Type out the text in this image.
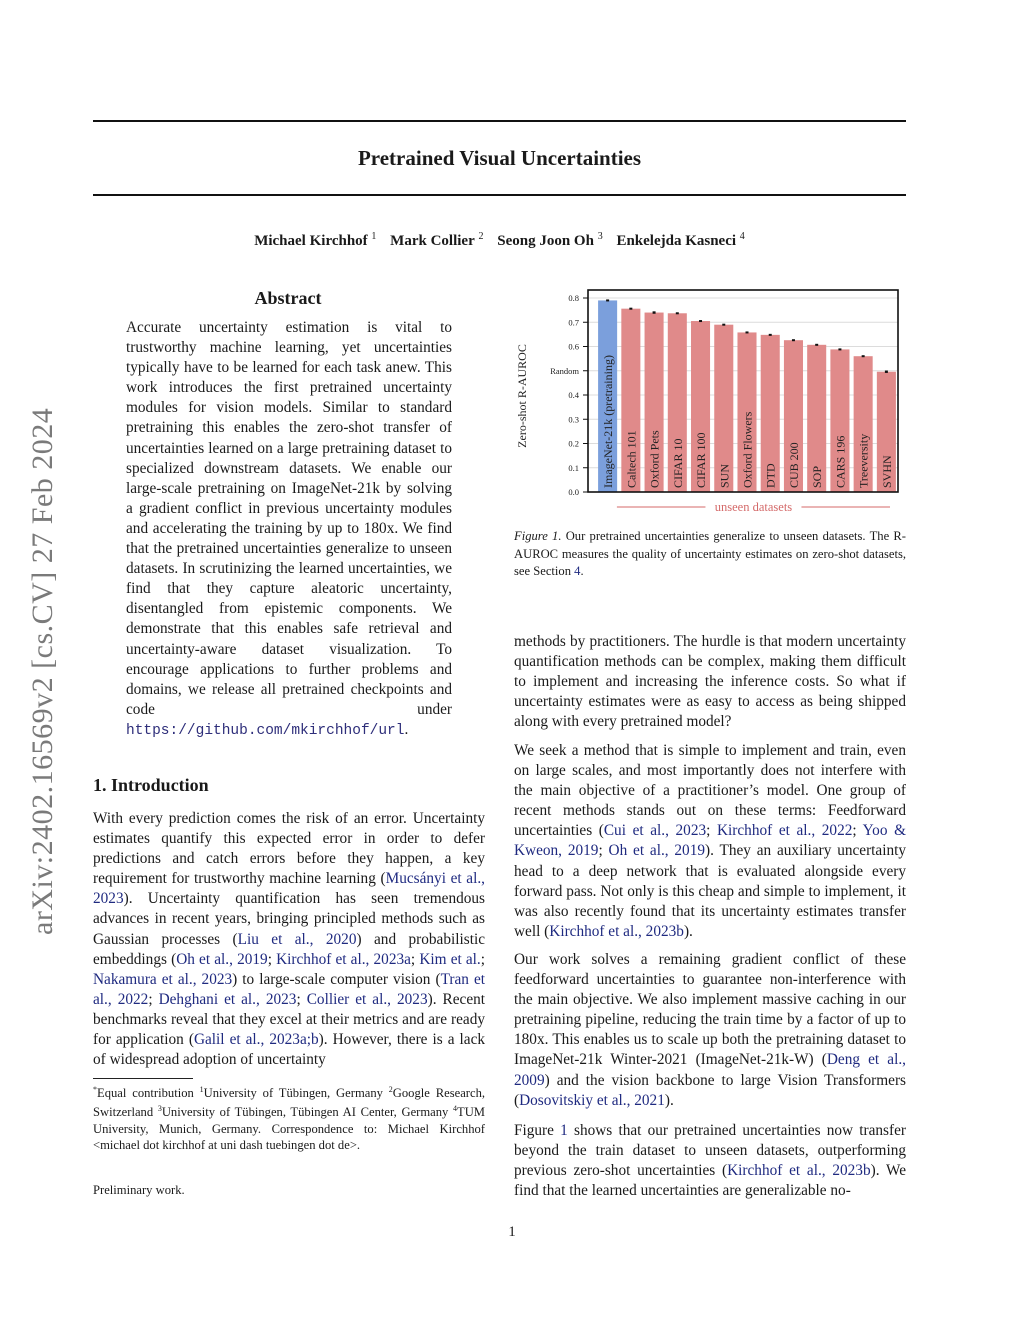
arXiv:2402.16569v2 [cs.CV] 27 Feb 2024
Pretrained Visual Uncertainties
Michael Kirchhof $^1$ Mark Collier $^2$ Seong Joon Oh $^3$ Enkelejda Kasneci $^4$
Abstract
Accurate uncertainty estimation is vital to trustworthy machine learning, yet uncertainties typically have to be learned for each task anew. This work introduces the first pretrained uncertainty modules for vision models. Similar to standard pretraining this enables the zero-shot transfer of uncertainties learned on a large pretraining dataset to specialized downstream datasets. We enable our large-scale pretraining on ImageNet-21k by solving a gradient conflict in previous uncertainty modules and accelerating the training by up to 180x. We find that the pretrained uncertainties generalize to unseen datasets. In scrutinizing the learned uncertainties, we find that they capture aleatoric uncertainty, disentangled from epistemic components. We demonstrate that this enables safe retrieval and uncertainty-aware dataset visualization. To encourage applications to further problems and domains, we release all pretrained checkpoints and code under https://github.com/mkirchhof/url.
1. Introduction
With every prediction comes the risk of an error. Uncertainty estimates quantify this expected error in order to defer predictions and catch errors before they happen, a key requirement for trustworthy machine learning (Mucsányi et al., 2023). Uncertainty quantification has seen tremendous advances in recent years, bringing principled methods such as Gaussian processes (Liu et al., 2020) and probabilistic embeddings (Oh et al., 2019; Kirchhof et al., 2023a; Kim et al.; Nakamura et al., 2023) to large-scale computer vision (Tran et al., 2022; Dehghani et al., 2023; Collier et al., 2023). Recent benchmarks reveal that they excel at their metrics and are ready for application (Galil et al., 2023a;b). However, there is a lack of widespread adoption of uncertainty
*Equal contribution $^1$University of Tübingen, Germany $^2$Google Research, Switzerland $^3$University of Tübingen, Tübingen AI Center, Germany $^4$TUM University, Munich, Germany. Correspondence to: Michael Kirchhof <michael dot kirchhof at uni dash tuebingen dot de>.
Preliminary work.
ImageNet-21k (pretraining) Caltech 101 Oxford Pets CIFAR 10 CIFAR 100 SUN Oxford Flowers DTD CUB 200 SOP CARS 196 Treeversity SVHN
0.0
0.1
0.2
0.3
0.4
Random
0.6
0.7
0.8
Zero-shot R-AUROC
unseen datasets
Figure 1. Our pretrained uncertainties generalize to unseen datasets. The R-AUROC measures the quality of uncertainty estimates on zero-shot datasets, see Section 4.
methods by practitioners. The hurdle is that modern uncertainty quantification methods can be complex, making them difficult to implement and increasing the inference costs. So what if uncertainty estimates were as easy to access as being shipped along with every pretrained model?
We seek a method that is simple to implement and train, even on large scales, and most importantly does not interfere with the main objective of a practitioner’s model. One group of recent methods stands out on these terms: Feedforward uncertainties (Cui et al., 2023; Kirchhof et al., 2022; Yoo & Kweon, 2019; Oh et al., 2019). They an auxiliary uncertainty head to a deep network that is evaluated alongside every forward pass. Not only is this cheap and simple to implement, it was also recently found that its uncertainty estimates transfer well (Kirchhof et al., 2023b).
Our work solves a remaining gradient conflict of these feedforward uncertainties to guarantee non-interference with the main objective. We also implement massive caching in our pretraining pipeline, reducing the train time by a factor of up to 180x. This enables us to scale up both the pretraining dataset to ImageNet-21k Winter-2021 (ImageNet-21k-W) (Deng et al., 2009) and the vision backbone to large Vision Transformers (Dosovitskiy et al., 2021).
Figure 1 shows that our pretrained uncertainties now transfer beyond the train dataset to unseen datasets, outperforming previous zero-shot uncertainties (Kirchhof et al., 2023b). We find that the learned uncertainties are generalizable no-
1
